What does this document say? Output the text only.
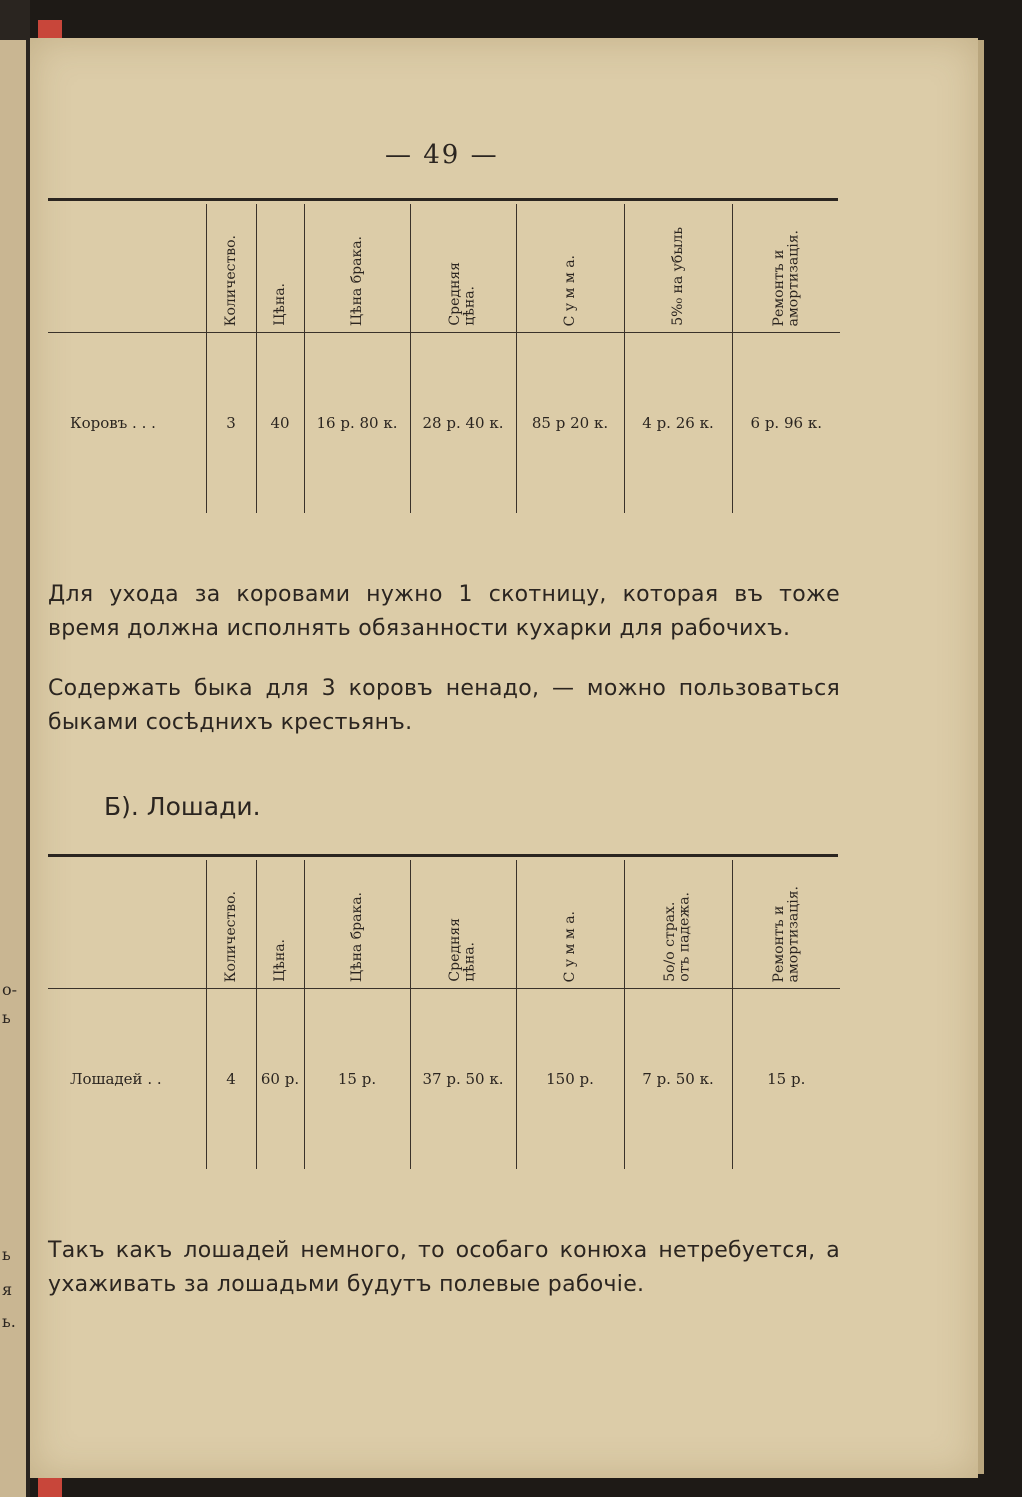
о-
ь
ь
я
ь.
— 49 —

	Количество.	Цѣна.	Цѣна брака.	Средняя
цѣна.	С у м м а.	5%₀ на убыль	Ремонтъ и
амортизація.

Коровъ . . .	3	40	16 р. 80 к.	28 р. 40 к.	85 р 20 к.	4 р. 26 к.	6 р. 96 к.
Для ухода за коровами нужно 1 скотницу, которая въ тоже время должна исполнять обязанности кухарки для рабочихъ.
Содержать быка для 3 коровъ ненадо, — можно пользоваться быками сосѣднихъ крестьянъ.
Б). Лошади.

	Количество.	Цѣна.	Цѣна брака.	Средняя
цѣна.	С у м м а.	5o/o страх.
отъ падежа.	Ремонтъ и
амортизація.

Лошадей . .	4	60 р.	15 р.	37 р. 50 к.	150 р.	7 р. 50 к.	15 р.
Такъ какъ лошадей немного, то особаго конюха нетребуется, а ухаживать за лошадьми будутъ полевые рабочіе.
